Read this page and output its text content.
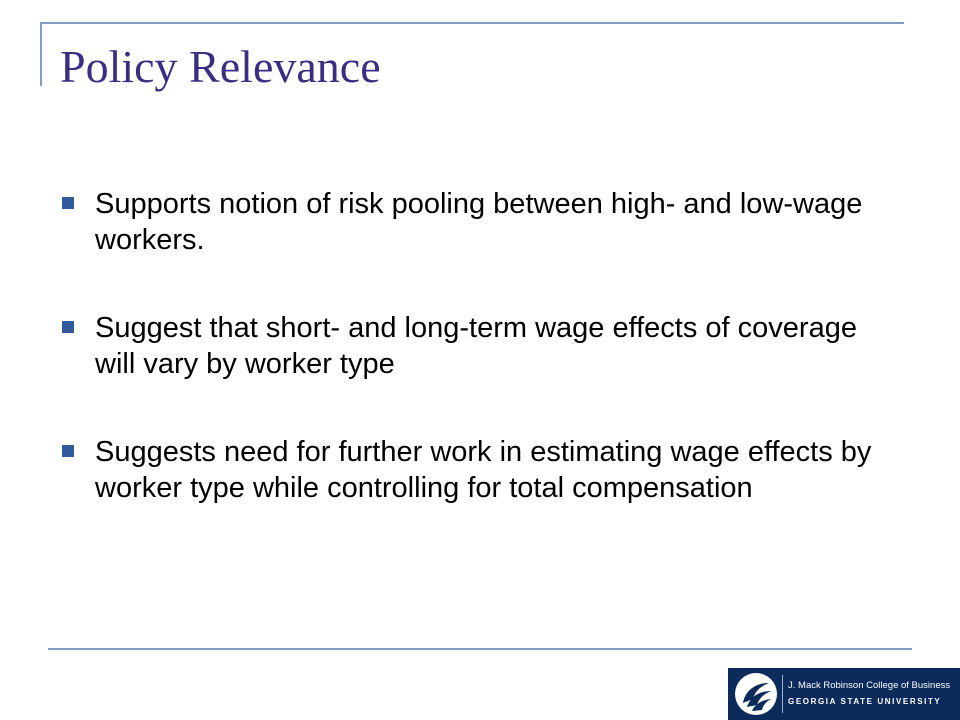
Policy Relevance
Supports notion of risk pooling between high- and low-wage workers.
Suggest that short- and long-term wage effects of coverage will vary by worker type
Suggests need for further work in estimating wage effects by worker type while controlling for total compensation
J. Mack Robinson College of Business
GEORGIA STATE UNIVERSITY
